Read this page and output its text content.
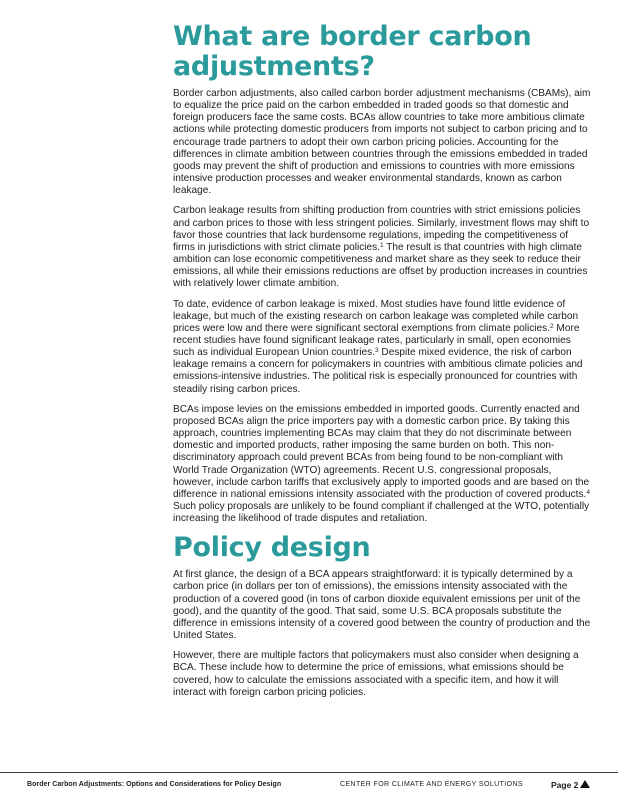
What are border carbon adjustments?

Border carbon adjustments, also called carbon border adjustment mechanisms (CBAMs), aim to equalize the price paid on the carbon embedded in traded goods so that domestic and foreign producers face the same costs. BCAs allow countries to take more ambitious climate actions while protecting domestic producers from imports not subject to carbon pricing and to encourage trade partners to adopt their own carbon pricing policies. Accounting for the differences in climate ambition between countries through the emissions embedded in traded goods may prevent the shift of production and emissions to countries with more emissions intensive production processes and weaker environmental standards, known as carbon leakage.

Carbon leakage results from shifting production from countries with strict emissions policies and carbon prices to those with less stringent policies. Similarly, investment flows may shift to favor those countries that lack burdensome regulations, impeding the competitiveness of firms in jurisdictions with strict climate policies.$^1$ The result is that countries with high climate ambition can lose economic competitiveness and market share as they seek to reduce their emissions, all while their emissions reductions are offset by production increases in countries with relatively lower climate ambition.

To date, evidence of carbon leakage is mixed. Most studies have found little evidence of leakage, but much of the existing research on carbon leakage was completed while carbon prices were low and there were significant sectoral exemptions from climate policies.$^2$ More recent studies have found significant leakage rates, particularly in small, open economies such as individual European Union countries.$^3$ Despite mixed evidence, the risk of carbon leakage remains a concern for policymakers in countries with ambitious climate policies and emissions-intensive industries. The political risk is especially pronounced for countries with steadily rising carbon prices.

BCAs impose levies on the emissions embedded in imported goods. Currently enacted and proposed BCAs align the price importers pay with a domestic carbon price. By taking this approach, countries implementing BCAs may claim that they do not discriminate between domestic and imported products, rather imposing the same burden on both. This non-discriminatory approach could prevent BCAs from being found to be non-compliant with World Trade Organization (WTO) agreements. Recent U.S. congressional proposals, however, include carbon tariffs that exclusively apply to imported goods and are based on the difference in national emissions intensity associated with the production of covered products.$^4$ Such policy proposals are unlikely to be found compliant if challenged at the WTO, potentially increasing the likelihood of trade disputes and retaliation.

Policy design

At first glance, the design of a BCA appears straightforward: it is typically determined by a carbon price (in dollars per ton of emissions), the emissions intensity associated with the production of a covered good (in tons of carbon dioxide equivalent emissions per unit of the good), and the quantity of the good. That said, some U.S. BCA proposals substitute the difference in emissions intensity of a covered good between the country of production and the United States.

However, there are multiple factors that policymakers must also consider when designing a BCA. These include how to determine the price of emissions, what emissions should be covered, how to calculate the emissions associated with a specific item, and how it will interact with foreign carbon pricing policies.

Border Carbon Adjustments: Options and Considerations for Policy Design	CENTER FOR CLIMATE AND ENERGY SOLUTIONS	Page 2
